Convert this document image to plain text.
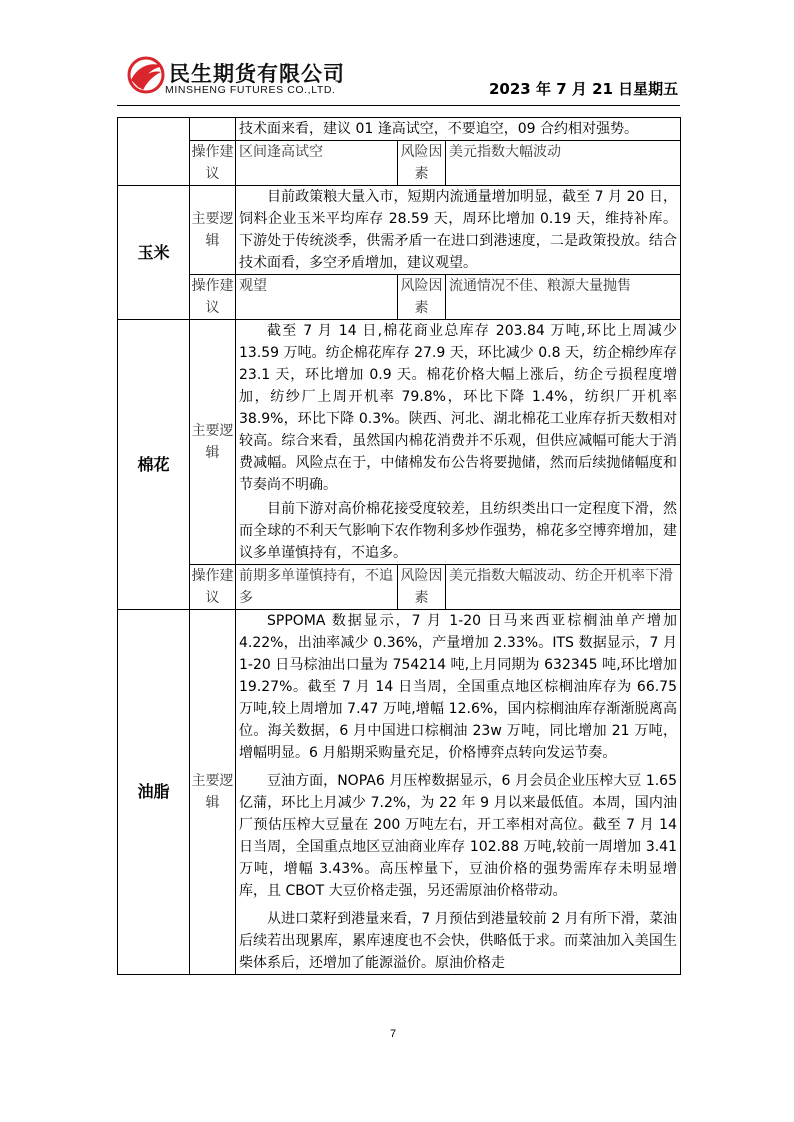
民生期货有限公司
MINSHENG FUTURES CO.,LTD.	2023 年 7 月 21 日星期五
		技术面来看，建议 01 逢高试空，不要追空，09 合约相对强势。		
	操作建议	区间逢高试空	风险因素	美元指数大幅波动
玉米	主要逻辑	目前政策粮大量入市，短期内流通量增加明显，截至 7 月 20 日，饲料企业玉米平均库存 28.59 天，周环比增加 0.19 天，维持补库。下游处于传统淡季，供需矛盾一在进口到港速度，二是政策投放。结合技术面看，多空矛盾增加，建议观望。		

	操作建议	观望	风险因素	流通情况不佳、粮源大量抛售
棉花	主要逻辑	截至 7 月 14 日,棉花商业总库存 203.84 万吨,环比上周减少 13.59 万吨。纺企棉花库存 27.9 天，环比减少 0.8 天，纺企棉纱库存 23.1 天，环比增加 0.9 天。棉花价格大幅上涨后，纺企亏损程度增加，纺纱厂上周开机率 79.8%，环比下降 1.4%，纺织厂开机率 38.9%，环比下降 0.3%。陕西、河北、湖北棉花工业库存折天数相对较高。综合来看，虽然国内棉花消费并不乐观，但供应减幅可能大于消费减幅。风险点在于，中储棉发布公告将要抛储，然而后续抛储幅度和节奏尚不明确。

目前下游对高价棉花接受度较差，且纺织类出口一定程度下滑，然而全球的不利天气影响下农作物利多炒作强势，棉花多空博弈增加，建议多单谨慎持有，不追多。		

	操作建议	前期多单谨慎持有，不追多	风险因素	美元指数大幅波动、纺企开机率下滑
油脂	主要逻辑	SPPOMA 数据显示，7 月 1-20 日马来西亚棕榈油单产增加 4.22%，出油率减少 0.36%，产量增加 2.33%。ITS 数据显示，7 月 1-20 日马棕油出口量为 754214 吨,上月同期为 632345 吨,环比增加 19.27%。截至 7 月 14 日当周，全国重点地区棕榈油库存为 66.75 万吨,较上周增加 7.47 万吨,增幅 12.6%，国内棕榈油库存渐渐脱离高位。海关数据，6 月中国进口棕榈油 23w 万吨，同比增加 21 万吨，增幅明显。6 月船期采购量充足，价格博弈点转向发运节奏。

豆油方面，NOPA6 月压榨数据显示，6 月会员企业压榨大豆 1.65 亿蒲，环比上月减少 7.2%，为 22 年 9 月以来最低值。本周，国内油厂预估压榨大豆量在 200 万吨左右，开工率相对高位。截至 7 月 14 日当周，全国重点地区豆油商业库存 102.88 万吨,较前一周增加 3.41 万吨，增幅 3.43%。高压榨量下，豆油价格的强势需库存未明显增库，且 CBOT 大豆价格走强，另还需原油价格带动。

从进口菜籽到港量来看，7 月预估到港量较前 2 月有所下滑，菜油后续若出现累库，累库速度也不会快，供略低于求。而菜油加入美国生柴体系后，还增加了能源溢价。原油价格走		

7
